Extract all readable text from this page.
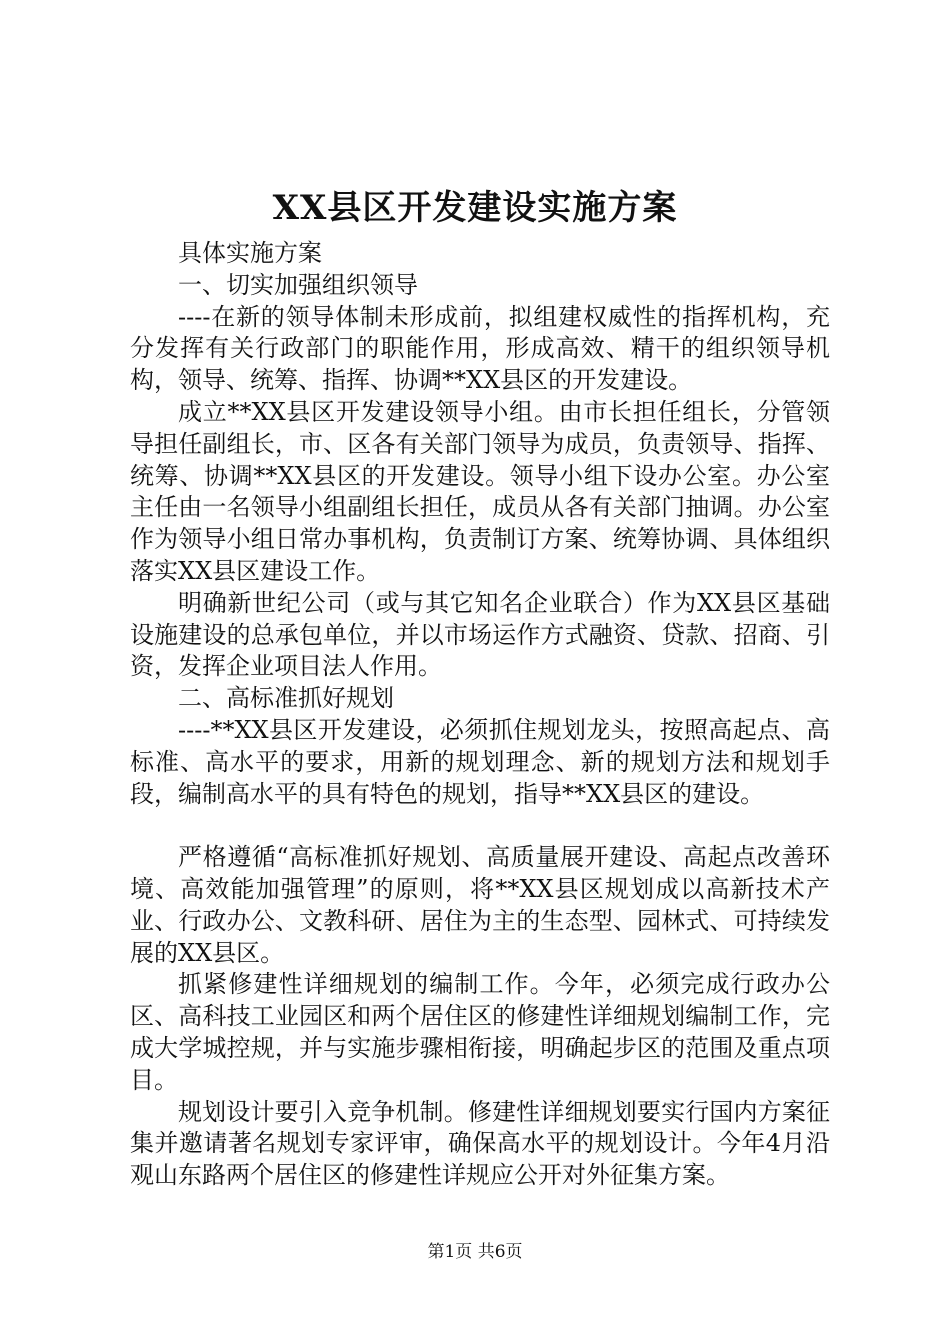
XX县区开发建设实施方案

具体实施方案

一、切实加强组织领导

----在新的领导体制未形成前，拟组建权威性的指挥机构，充分发挥有关行政部门的职能作用，形成高效、精干的组织领导机构，领导、统筹、指挥、协调**XX县区的开发建设。

成立**XX县区开发建设领导小组。由市长担任组长，分管领导担任副组长，市、区各有关部门领导为成员，负责领导、指挥、统筹、协调**XX县区的开发建设。领导小组下设办公室。办公室主任由一名领导小组副组长担任，成员从各有关部门抽调。办公室作为领导小组日常办事机构，负责制订方案、统筹协调、具体组织落实XX县区建设工作。

明确新世纪公司（或与其它知名企业联合）作为XX县区基础设施建设的总承包单位，并以市场运作方式融资、贷款、招商、引资，发挥企业项目法人作用。

二、高标准抓好规划

----**XX县区开发建设，必须抓住规划龙头，按照高起点、高标准、高水平的要求，用新的规划理念、新的规划方法和规划手段，编制高水平的具有特色的规划，指导**XX县区的建设。

严格遵循“高标准抓好规划、高质量展开建设、高起点改善环境、高效能加强管理”的原则，将**XX县区规划成以高新技术产业、行政办公、文教科研、居住为主的生态型、园林式、可持续发展的XX县区。

抓紧修建性详细规划的编制工作。今年，必须完成行政办公区、高科技工业园区和两个居住区的修建性详细规划编制工作，完成大学城控规，并与实施步骤相衔接，明确起步区的范围及重点项目。

规划设计要引入竞争机制。修建性详细规划要实行国内方案征集并邀请著名规划专家评审，确保高水平的规划设计。今年4月沿观山东路两个居住区的修建性详规应公开对外征集方案。

第1页 共6页
